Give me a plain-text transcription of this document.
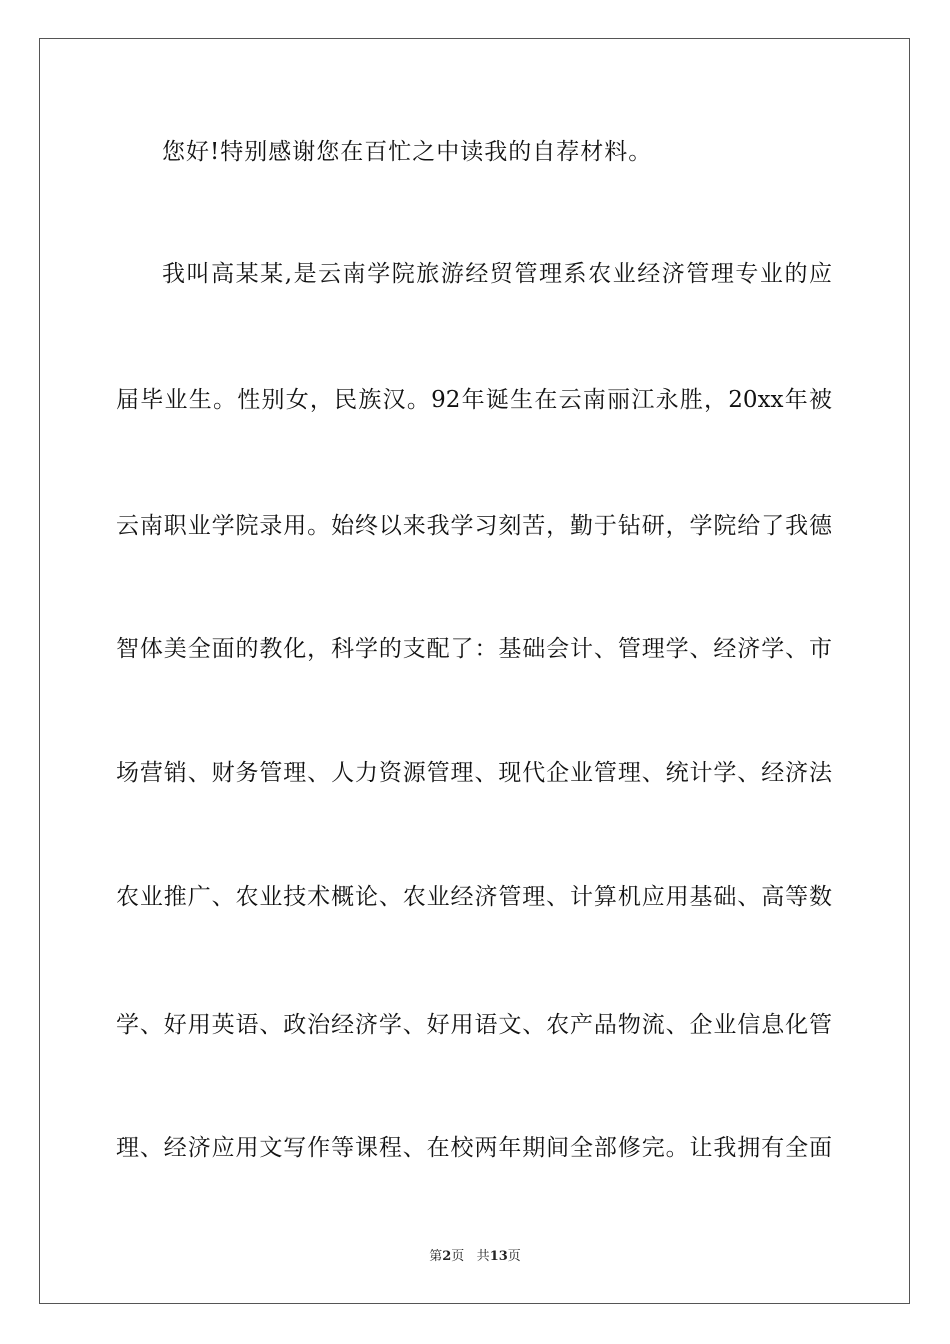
您好!特别感谢您在百忙之中读我的自荐材料。
我叫高某某,是云南学院旅游经贸管理系农业经济管理专业的应
届毕业生。性别女，民族汉。92年诞生在云南丽江永胜，20xx年被
云南职业学院录用。始终以来我学习刻苦，勤于钻研，学院给了我德
智体美全面的教化，科学的支配了：基础会计、管理学、经济学、市
场营销、财务管理、人力资源管理、现代企业管理、统计学、经济法
农业推广、农业技术概论、农业经济管理、计算机应用基础、高等数
学、好用英语、政治经济学、好用语文、农产品物流、企业信息化管
理、经济应用文写作等课程、在校两年期间全部修完。让我拥有全面
第2页 共13页
